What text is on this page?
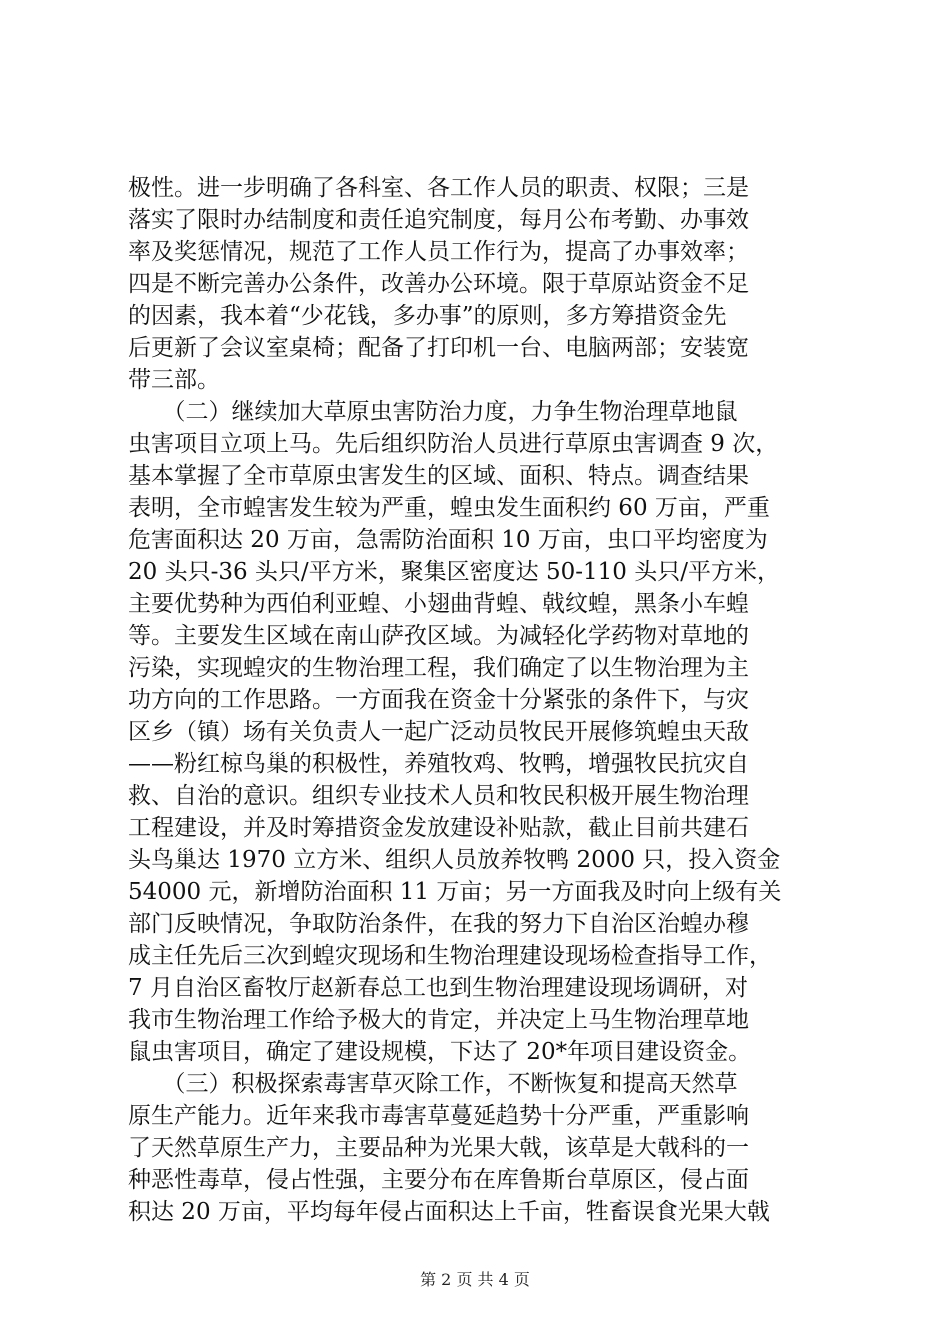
极性。进一步明确了各科室、各工作人员的职责、权限；三是
落实了限时办结制度和责任追究制度，每月公布考勤、办事效
率及奖惩情况，规范了工作人员工作行为，提高了办事效率；
四是不断完善办公条件，改善办公环境。限于草原站资金不足
的因素，我本着“少花钱，多办事”的原则，多方筹措资金先
后更新了会议室桌椅；配备了打印机一台、电脑两部；安装宽
带三部。
　　（二）继续加大草原虫害防治力度，力争生物治理草地鼠
虫害项目立项上马。先后组织防治人员进行草原虫害调查 9 次，
基本掌握了全市草原虫害发生的区域、面积、特点。调查结果
表明，全市蝗害发生较为严重，蝗虫发生面积约 60 万亩，严重
危害面积达 20 万亩，急需防治面积 10 万亩，虫口平均密度为
20 头只-36 头只/平方米，聚集区密度达 50-110 头只/平方米，
主要优势种为西伯利亚蝗、小翅曲背蝗、戟纹蝗，黑条小车蝗
等。主要发生区域在南山萨孜区域。为减轻化学药物对草地的
污染，实现蝗灾的生物治理工程，我们确定了以生物治理为主
功方向的工作思路。一方面我在资金十分紧张的条件下，与灾
区乡（镇）场有关负责人一起广泛动员牧民开展修筑蝗虫天敌
——粉红椋鸟巢的积极性，养殖牧鸡、牧鸭，增强牧民抗灾自
救、自治的意识。组织专业技术人员和牧民积极开展生物治理
工程建设，并及时筹措资金发放建设补贴款，截止目前共建石
头鸟巢达 1970 立方米、组织人员放养牧鸭 2000 只，投入资金
54000 元，新增防治面积 11 万亩；另一方面我及时向上级有关
部门反映情况，争取防治条件，在我的努力下自治区治蝗办穆
成主任先后三次到蝗灾现场和生物治理建设现场检查指导工作，
7 月自治区畜牧厅赵新春总工也到生物治理建设现场调研，对
我市生物治理工作给予极大的肯定，并决定上马生物治理草地
鼠虫害项目，确定了建设规模，下达了 20*年项目建设资金。
　　（三）积极探索毒害草灭除工作，不断恢复和提高天然草
原生产能力。近年来我市毒害草蔓延趋势十分严重，严重影响
了天然草原生产力，主要品种为光果大戟，该草是大戟科的一
种恶性毒草，侵占性强，主要分布在库鲁斯台草原区，侵占面
积达 20 万亩，平均每年侵占面积达上千亩，牲畜误食光果大戟
第 2 页 共 4 页
